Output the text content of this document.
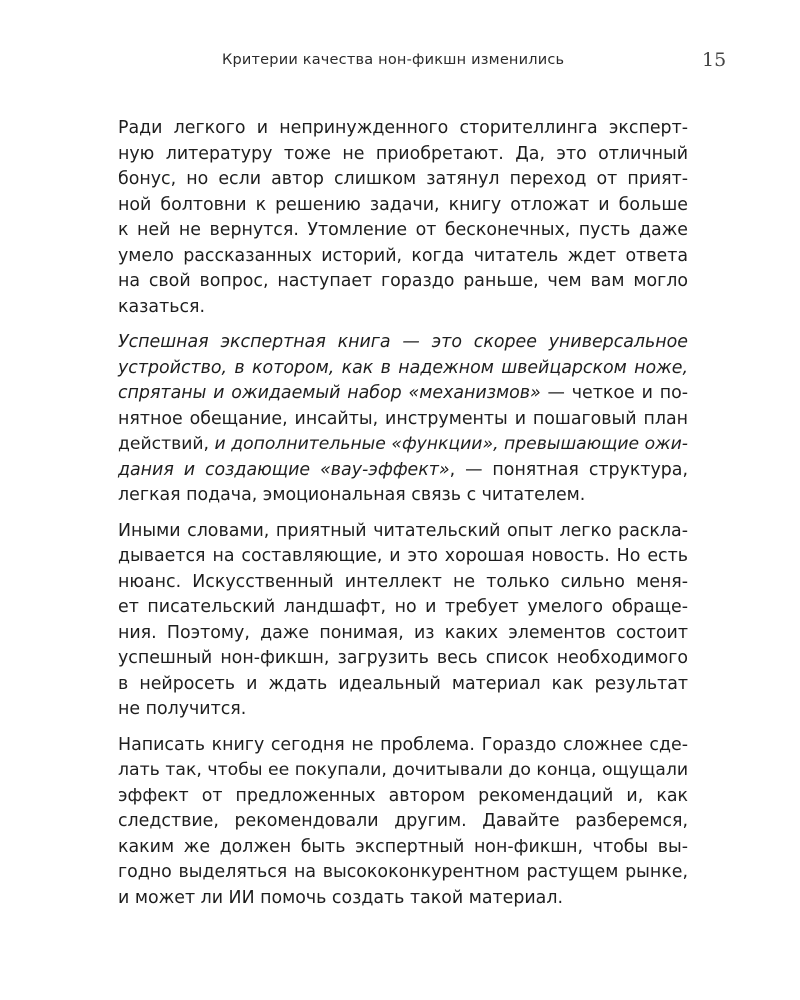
Критерии качества нон-фикшн изменились	15

Ради легкого и непринужденного сторителлинга эксперт-
ную литературу тоже не приобретают. Да, это отличный
бонус, но если автор слишком затянул переход от прият-
ной болтовни к решению задачи, книгу отложат и больше
к ней не вернутся. Утомление от бесконечных, пусть даже
умело рассказанных историй, когда читатель ждет ответа
на свой вопрос, наступает гораздо раньше, чем вам могло
казаться.

Успешная экспертная книга — это скорее универсальное
устройство, в котором, как в надежном швейцарском ноже,
спрятаны и ожидаемый набор «механизмов» — четкое и по-
нятное обещание, инсайты, инструменты и пошаговый план
действий, и дополнительные «функции», превышающие ожи-
дания и создающие «вау-эффект», — понятная структура,
легкая подача, эмоциональная связь с читателем.

Иными словами, приятный читательский опыт легко раскла-
дывается на составляющие, и это хорошая новость. Но есть
нюанс. Искусственный интеллект не только сильно меня-
ет писательский ландшафт, но и требует умелого обраще-
ния. Поэтому, даже понимая, из каких элементов состоит
успешный нон-фикшн, загрузить весь список необходимого
в нейросеть и ждать идеальный материал как результат
не получится.

Написать книгу сегодня не проблема. Гораздо сложнее сде-
лать так, чтобы ее покупали, дочитывали до конца, ощущали
эффект от предложенных автором рекомендаций и, как
следствие, рекомендовали другим. Давайте разберемся,
каким же должен быть экспертный нон-фикшн, чтобы вы-
годно выделяться на высококонкурентном растущем рынке,
и может ли ИИ помочь создать такой материал.
